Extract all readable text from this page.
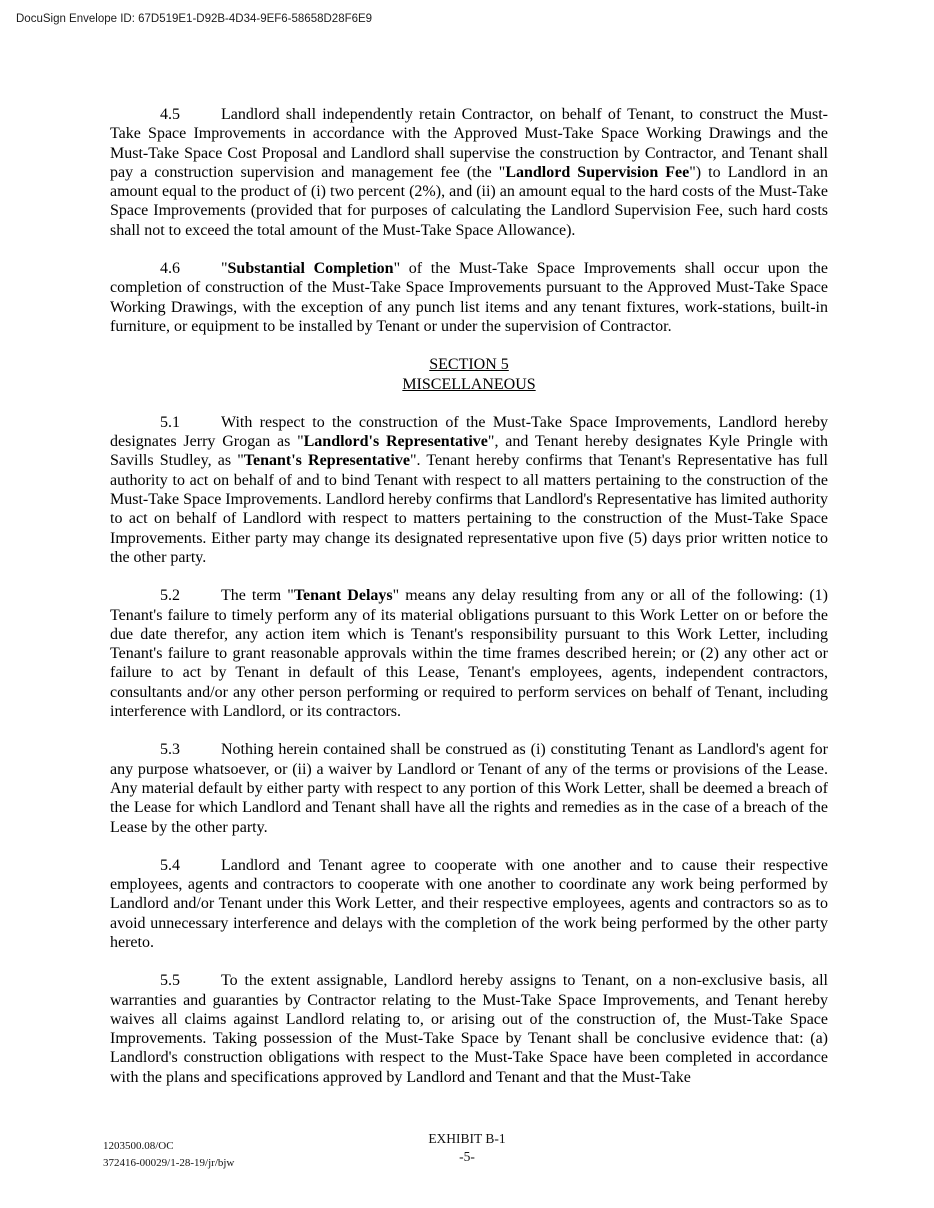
DocuSign Envelope ID: 67D519E1-D92B-4D34-9EF6-58658D28F6E9

4.5	Landlord shall independently retain Contractor, on behalf of Tenant, to construct the Must-Take Space Improvements in accordance with the Approved Must-Take Space Working Drawings and the Must-Take Space Cost Proposal and Landlord shall supervise the construction by Contractor, and Tenant shall pay a construction supervision and management fee (the "Landlord Supervision Fee") to Landlord in an amount equal to the product of (i) two percent (2%), and (ii) an amount equal to the hard costs of the Must-Take Space Improvements (provided that for purposes of calculating the Landlord Supervision Fee, such hard costs shall not to exceed the total amount of the Must-Take Space Allowance).

4.6	"Substantial Completion" of the Must-Take Space Improvements shall occur upon the completion of construction of the Must-Take Space Improvements pursuant to the Approved Must-Take Space Working Drawings, with the exception of any punch list items and any tenant fixtures, work-stations, built-in furniture, or equipment to be installed by Tenant or under the supervision of Contractor.

SECTION 5
MISCELLANEOUS

5.1	With respect to the construction of the Must-Take Space Improvements, Landlord hereby designates Jerry Grogan as "Landlord's Representative", and Tenant hereby designates Kyle Pringle with Savills Studley, as "Tenant's Representative". Tenant hereby confirms that Tenant's Representative has full authority to act on behalf of and to bind Tenant with respect to all matters pertaining to the construction of the Must-Take Space Improvements. Landlord hereby confirms that Landlord's Representative has limited authority to act on behalf of Landlord with respect to matters pertaining to the construction of the Must-Take Space Improvements. Either party may change its designated representative upon five (5) days prior written notice to the other party.

5.2	The term "Tenant Delays" means any delay resulting from any or all of the following: (1) Tenant's failure to timely perform any of its material obligations pursuant to this Work Letter on or before the due date therefor, any action item which is Tenant's responsibility pursuant to this Work Letter, including Tenant's failure to grant reasonable approvals within the time frames described herein; or (2) any other act or failure to act by Tenant in default of this Lease, Tenant's employees, agents, independent contractors, consultants and/or any other person performing or required to perform services on behalf of Tenant, including interference with Landlord, or its contractors.

5.3	Nothing herein contained shall be construed as (i) constituting Tenant as Landlord's agent for any purpose whatsoever, or (ii) a waiver by Landlord or Tenant of any of the terms or provisions of the Lease. Any material default by either party with respect to any portion of this Work Letter, shall be deemed a breach of the Lease for which Landlord and Tenant shall have all the rights and remedies as in the case of a breach of the Lease by the other party.

5.4	Landlord and Tenant agree to cooperate with one another and to cause their respective employees, agents and contractors to cooperate with one another to coordinate any work being performed by Landlord and/or Tenant under this Work Letter, and their respective employees, agents and contractors so as to avoid unnecessary interference and delays with the completion of the work being performed by the other party hereto.

5.5	To the extent assignable, Landlord hereby assigns to Tenant, on a non-exclusive basis, all warranties and guaranties by Contractor relating to the Must-Take Space Improvements, and Tenant hereby waives all claims against Landlord relating to, or arising out of the construction of, the Must-Take Space Improvements. Taking possession of the Must-Take Space by Tenant shall be conclusive evidence that: (a) Landlord's construction obligations with respect to the Must-Take Space have been completed in accordance with the plans and specifications approved by Landlord and Tenant and that the Must-Take

1203500.08/OC
372416-00029/1-28-19/jr/bjw
EXHIBIT B-1
-5-
